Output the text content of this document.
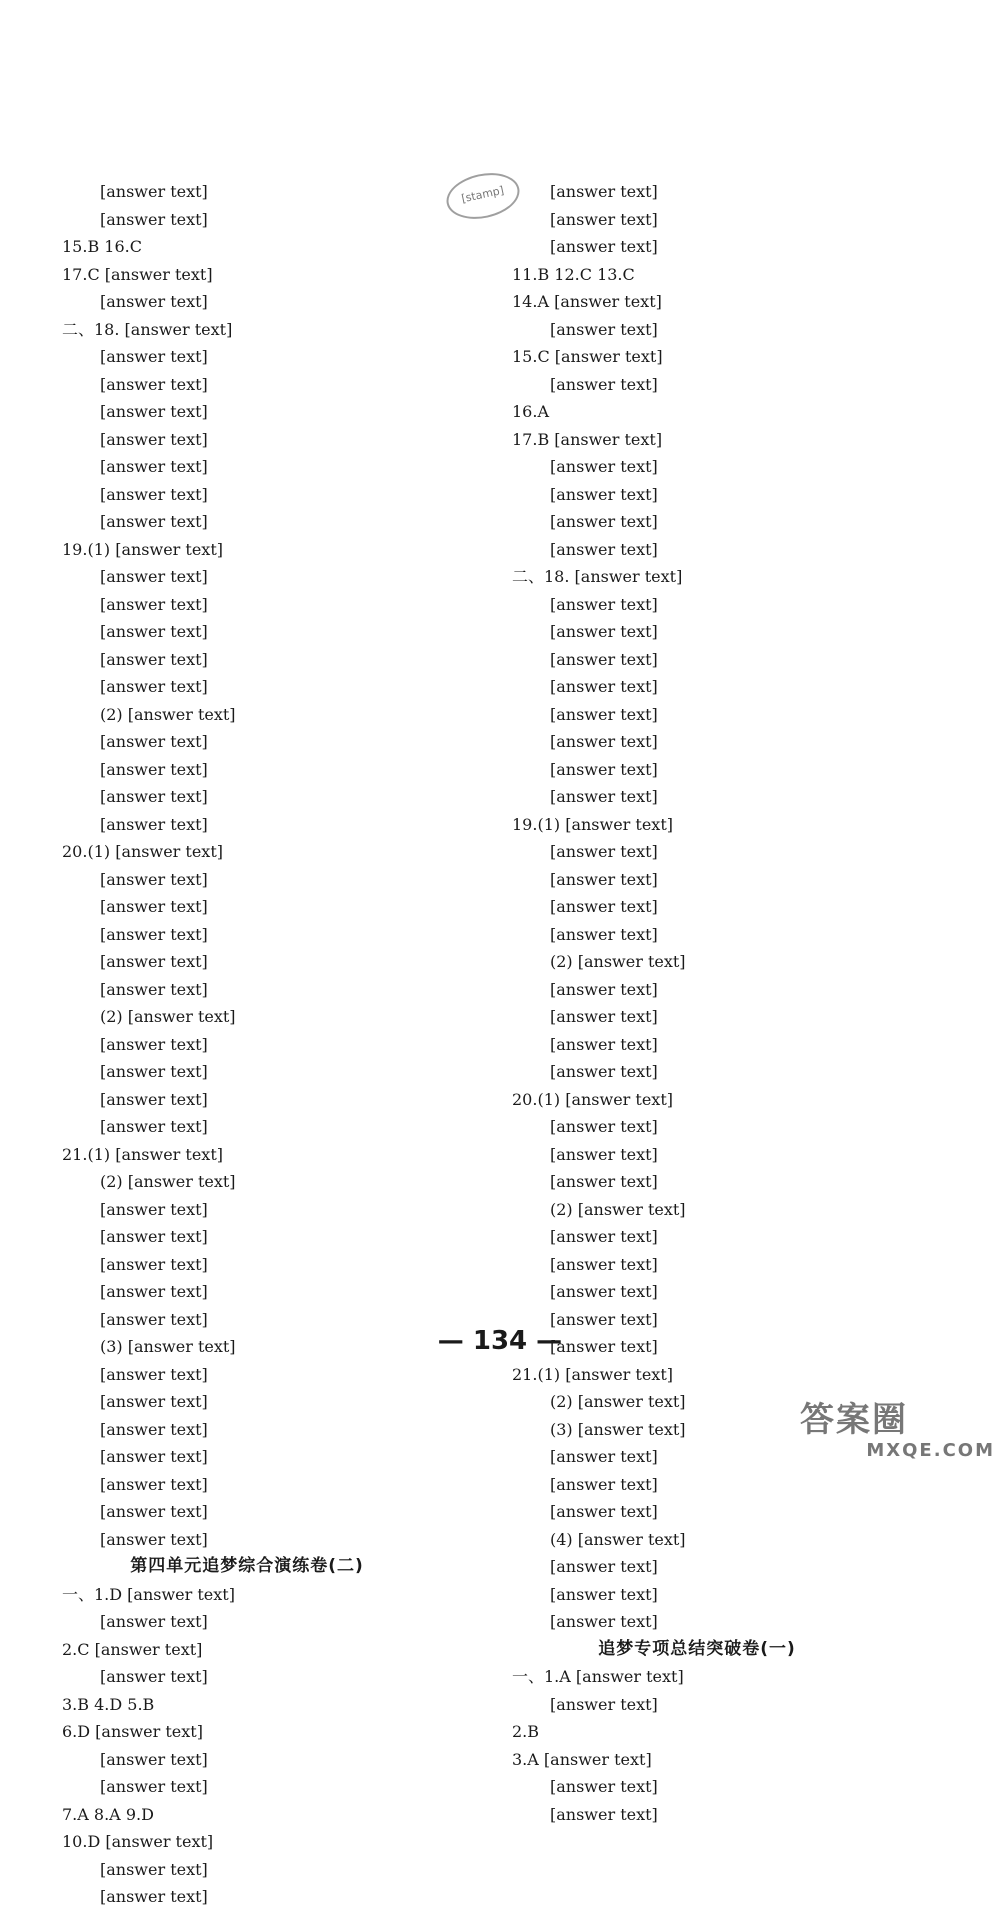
[answer text]
[answer text]
15.B 16.C
17.C [answer text]
[answer text]
二、18. [answer text]
[answer text]
[answer text]
[answer text]
[answer text]
[answer text]
[answer text]
[answer text]
19.(1) [answer text]
[answer text]
[answer text]
[answer text]
[answer text]
[answer text]
(2) [answer text]
[answer text]
[answer text]
[answer text]
[answer text]
20.(1) [answer text]
[answer text]
[answer text]
[answer text]
[answer text]
[answer text]
(2) [answer text]
[answer text]
[answer text]
[answer text]
[answer text]
21.(1) [answer text]
(2) [answer text]
[answer text]
[answer text]
[answer text]
[answer text]
[answer text]
(3) [answer text]
[answer text]
[answer text]
[answer text]
[answer text]
[answer text]
[answer text]
[answer text]
第四单元追梦综合演练卷(二)
一、1.D [answer text]
[answer text]
2.C [answer text]
[answer text]
3.B 4.D 5.B
6.D [answer text]
[answer text]
[answer text]
7.A 8.A 9.D
10.D [answer text]
[answer text]
[answer text]
[answer text]
[answer text]
[answer text]
11.B 12.C 13.C
14.A [answer text]
[answer text]
15.C [answer text]
[answer text]
16.A
17.B [answer text]
[answer text]
[answer text]
[answer text]
[answer text]
二、18. [answer text]
[answer text]
[answer text]
[answer text]
[answer text]
[answer text]
[answer text]
[answer text]
[answer text]
19.(1) [answer text]
[answer text]
[answer text]
[answer text]
[answer text]
(2) [answer text]
[answer text]
[answer text]
[answer text]
[answer text]
20.(1) [answer text]
[answer text]
[answer text]
[answer text]
(2) [answer text]
[answer text]
[answer text]
[answer text]
[answer text]
[answer text]
21.(1) [answer text]
(2) [answer text]
(3) [answer text]
[answer text]
[answer text]
[answer text]
(4) [answer text]
[answer text]
[answer text]
[answer text]
追梦专项总结突破卷(一)
一、1.A [answer text]
[answer text]
2.B
3.A [answer text]
[answer text]
[answer text]
[stamp]
— 134 —
答案圈
MXQE.COM
